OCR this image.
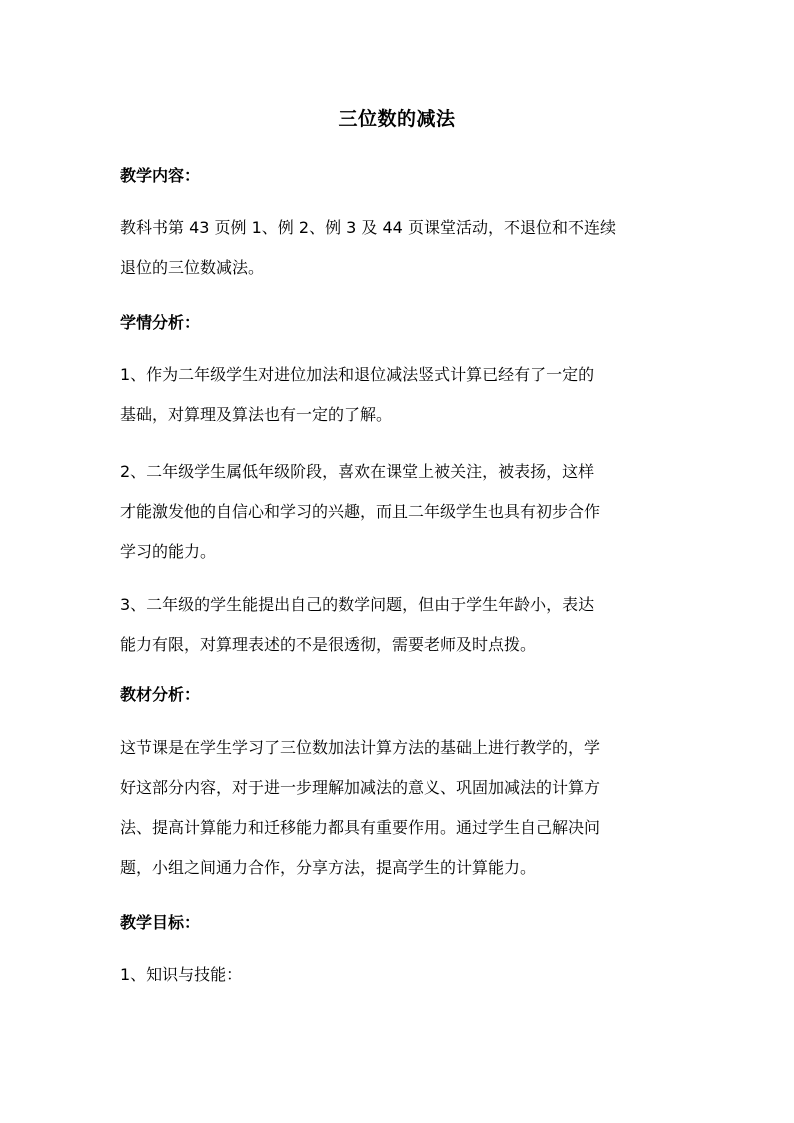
三位数的减法
教学内容：
教科书第 43 页例 1、例 2、例 3 及 44 页课堂活动，不退位和不连续
退位的三位数减法。
学情分析：
1、作为二年级学生对进位加法和退位减法竖式计算已经有了一定的
基础，对算理及算法也有一定的了解。
2、二年级学生属低年级阶段，喜欢在课堂上被关注，被表扬，这样
才能激发他的自信心和学习的兴趣，而且二年级学生也具有初步合作
学习的能力。
3、二年级的学生能提出自己的数学问题，但由于学生年龄小，表达
能力有限，对算理表述的不是很透彻，需要老师及时点拨。
教材分析：
这节课是在学生学习了三位数加法计算方法的基础上进行教学的，学
好这部分内容，对于进一步理解加减法的意义、巩固加减法的计算方
法、提高计算能力和迁移能力都具有重要作用。通过学生自己解决问
题，小组之间通力合作，分享方法，提高学生的计算能力。
教学目标：
1、知识与技能：
